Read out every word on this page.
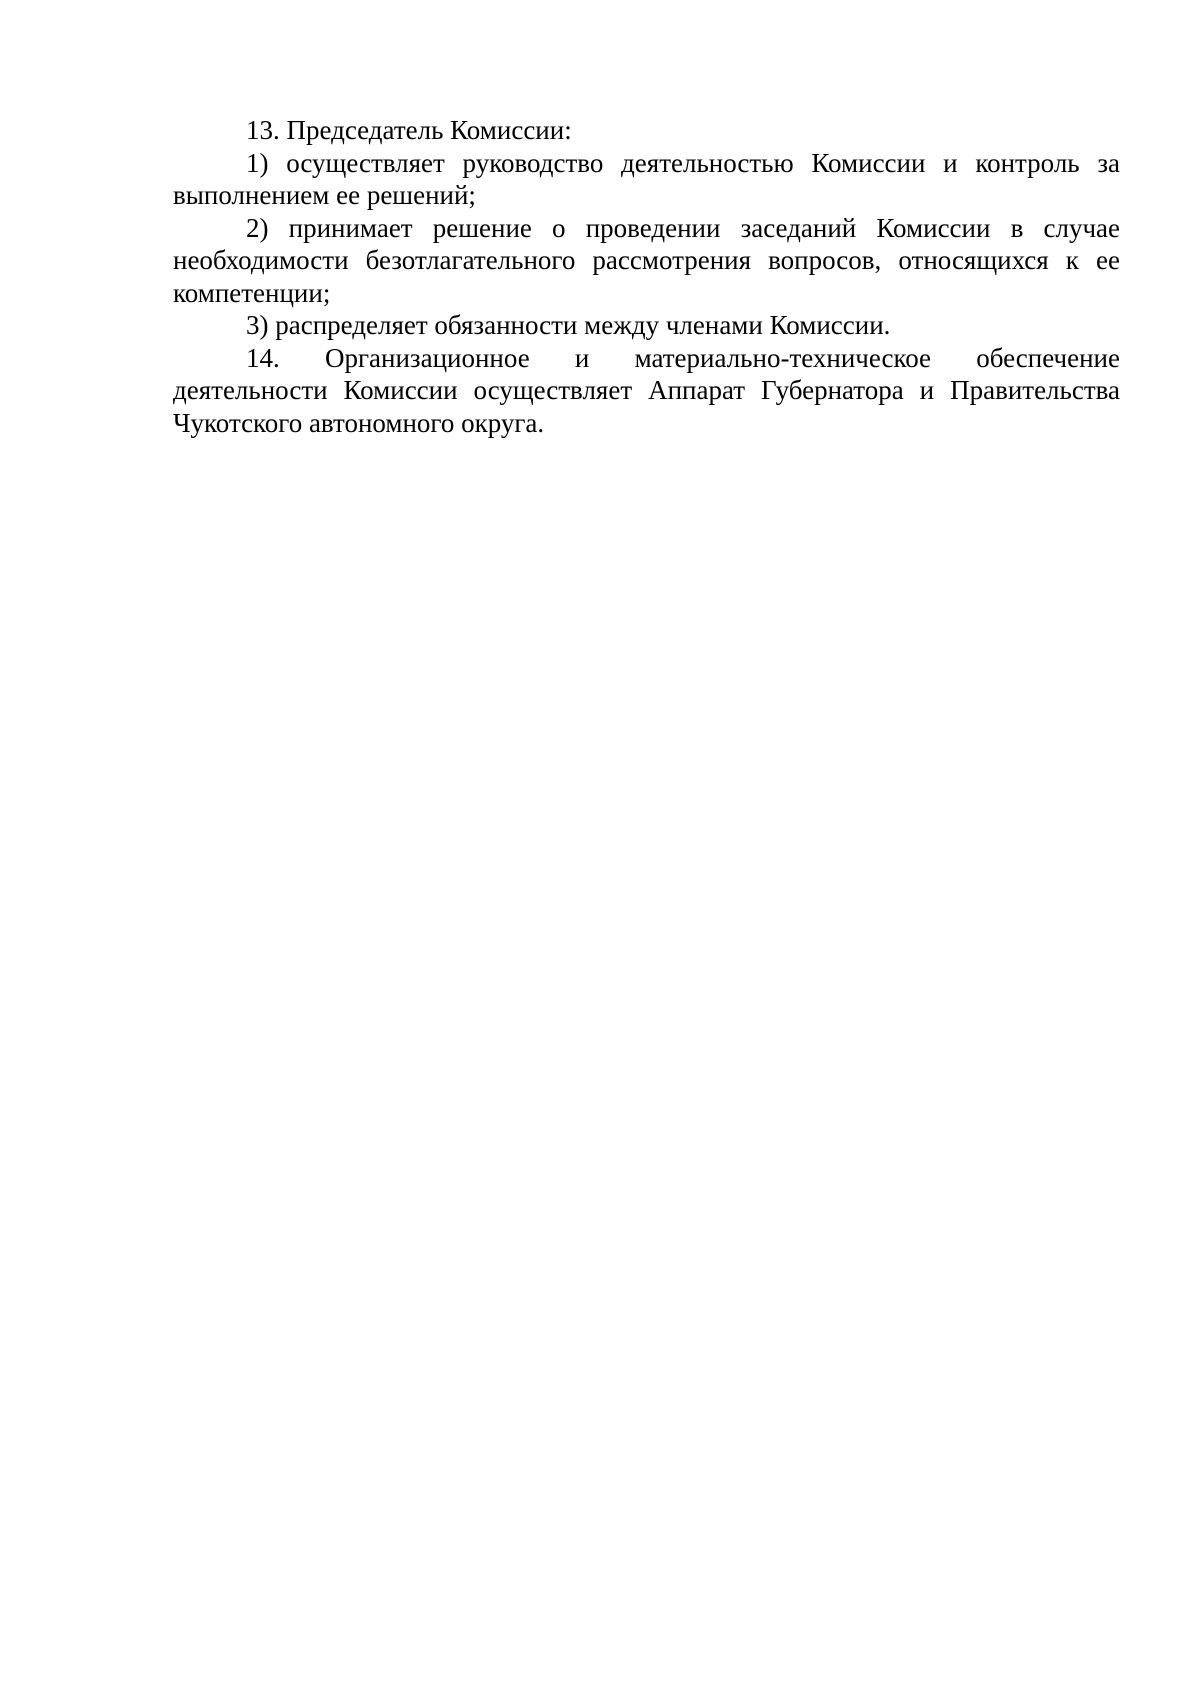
13. Председатель Комиссии:

1) осуществляет руководство деятельностью Комиссии и контроль за выполнением ее решений;

2) принимает решение о проведении заседаний Комиссии в случае необходимости безотлагательного рассмотрения вопросов, относящихся к ее компетенции;

3) распределяет обязанности между членами Комиссии.

14. Организационное и материально-техническое обеспечение деятельности Комиссии осуществляет Аппарат Губернатора и Правительства Чукотского автономного округа.
